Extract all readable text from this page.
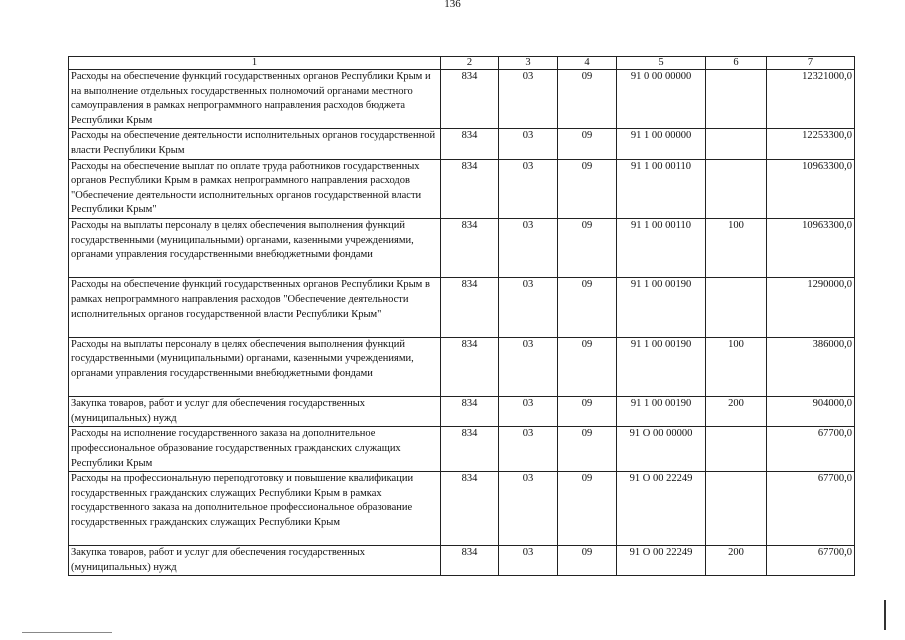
136
1	2	3	4	5	6	7
Расходы на обеспечение функций государственных органов Республики Крым и на выполнение отдельных государственных полномочий органами местного самоуправления в рамках непрограммного направления расходов бюджета Республики Крым	834	03	09	91 0 00 00000		12321000,0
Расходы на обеспечение деятельности исполнительных органов государственной власти Республики Крым	834	03	09	91 1 00 00000		12253300,0
Расходы на обеспечение выплат по оплате труда работников государственных органов Республики Крым в рамках непрограммного направления расходов "Обеспечение деятельности исполнительных органов государственной власти Республики Крым"	834	03	09	91 1 00 00110		10963300,0
Расходы на выплаты персоналу в целях обеспечения выполнения функций государственными (муниципальными) органами, казенными учреждениями, органами управления государственными внебюджетными фондами	834	03	09	91 1 00 00110	100	10963300,0
Расходы на обеспечение функций государственных органов Республики Крым в рамках непрограммного направления расходов "Обеспечение деятельности исполнительных органов государственной власти Республики Крым"	834	03	09	91 1 00 00190		1290000,0
Расходы на выплаты персоналу в целях обеспечения выполнения функций государственными (муниципальными) органами, казенными учреждениями, органами управления государственными внебюджетными фондами	834	03	09	91 1 00 00190	100	386000,0
Закупка товаров, работ и услуг для обеспечения государственных (муниципальных) нужд	834	03	09	91 1 00 00190	200	904000,0
Расходы на исполнение государственного заказа на дополнительное профессиональное образование государственных гражданских служащих Республики Крым	834	03	09	91 О 00 00000		67700,0
Расходы на профессиональную переподготовку и повышение квалификации государственных гражданских служащих Республики Крым в рамках государственного заказа на дополнительное профессиональное образование государственных гражданских служащих Республики Крым	834	03	09	91 О 00 22249		67700,0
Закупка товаров, работ и услуг для обеспечения государственных (муниципальных) нужд	834	03	09	91 О 00 22249	200	67700,0
